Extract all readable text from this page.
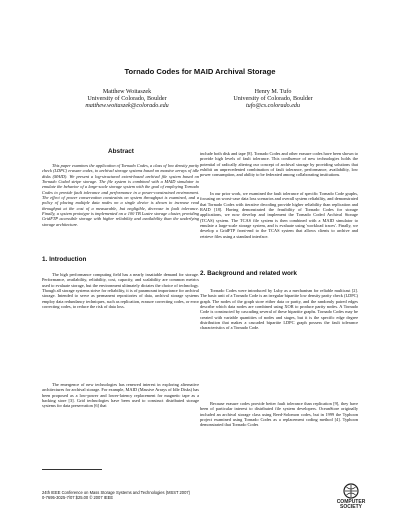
Tornado Codes for MAID Archival Storage
Matthew Woitaszek
University of Colorado, Boulder
matthew.woitaszek@colorado.edu
Henry M. Tufo
University of Colorado, Boulder
tufo@cs.colorado.edu
Abstract

This paper examines the application of Tornado Codes, a class of low density parity check (LDPC) erasure codes, to archival storage systems based on massive arrays of idle disks (MAID). We present a log-structured extent-based archival file system based on Tornado Coded stripe storage. The file system is combined with a MAID simulator to emulate the behavior of a large-scale storage system with the goal of employing Tornado Codes to provide fault tolerance and performance in a power-constrained environment. The effect of power conservation constraints on system throughput is examined, and a policy of placing multiple data nodes on a single device is shown to increase read throughput at the cost of a measurable, but negligible, decrease in fault tolerance. Finally, a system prototype is implemented on a 100 TB Lustre storage cluster, providing GridFTP accessible storage with higher reliability and availability than the underlying storage architecture.

1. Introduction

The high performance computing field has a nearly insatiable demand for storage. Performance, availability, reliability, cost, capacity, and scalability are common metrics used to evaluate storage, but the environment ultimately dictates the choice of technology. Though all storage systems strive for reliability, it is of paramount importance for archival storage. Intended to serve as permanent repositories of data, archival storage systems employ data redundancy techniques, such as replication, erasure correcting codes, or error correcting codes, to reduce the risk of data loss.

The emergence of new technologies has renewed interest in exploring alternative architectures for archival storage. For example, MAID (Massive Arrays of Idle Disks) has been proposed as a low-power and lower-latency replacement for magnetic tape as a backing store [3]. Grid technologies have been used to construct distributed storage systems for data preservation [6] that

include both disk and tape [8]. Tornado Codes and other erasure codes have been shown to provide high levels of fault tolerance. This confluence of new technologies holds the potential of radically altering our concept of archival storage by providing solutions that exhibit an unprecedented combination of fault tolerance, performance, availability, low power consumption, and ability to be federated among collaborating institutions.

In our prior work, we examined the fault tolerance of specific Tornado Code graphs, focusing on worst-case data loss scenarios and overall system reliability, and demonstrated that Tornado Codes with iterative decoding provide higher reliability than replication and RAID [18]. Having demonstrated the feasibility of Tornado Codes for storage applications, we now develop and implement the Tornado Coded Archival Storage (TCAS) system. The TCAS file system is then combined with a MAID simulator to emulate a large-scale storage system, and is evaluate using 'workload traces'. Finally, we develop a GridFTP front-end to the TCAS system that allows clients to archive and retrieve files using a standard interface.

2. Background and related work

Tornado Codes were introduced by Luby as a mechanism for reliable multicast [2]. The basic unit of a Tornado Code is an irregular bipartite low density parity check (LDPC) graph. The nodes of the graph store either data or parity, and the randomly paired edges describe which data nodes are combined using XOR to produce parity nodes. A Tornado Code is constructed by cascading several of these bipartite graphs. Tornado Codes may be created with variable quantities of nodes and stages, but it is the specific edge degree distribution that makes a cascaded bipartite LDPC graph possess the fault tolerance characteristics of a Tornado Code.

Because erasure codes provide better fault tolerance than replication [9], they have been of particular interest to distributed file system developers. OceanStore originally included an archival storage class using Reed-Solomon codes, but in 1999 the Typhoon project examined using Tornado Codes as a replacement coding method [4]. Typhoon demonstrated that Tornado Codes

24th IEEE Conference on Mass Storage Systems and Technologies (MSST 2007)
0-7695-3025-7/07 $25.00 © 2007 IEEE
COMPUTER
SOCIETY
